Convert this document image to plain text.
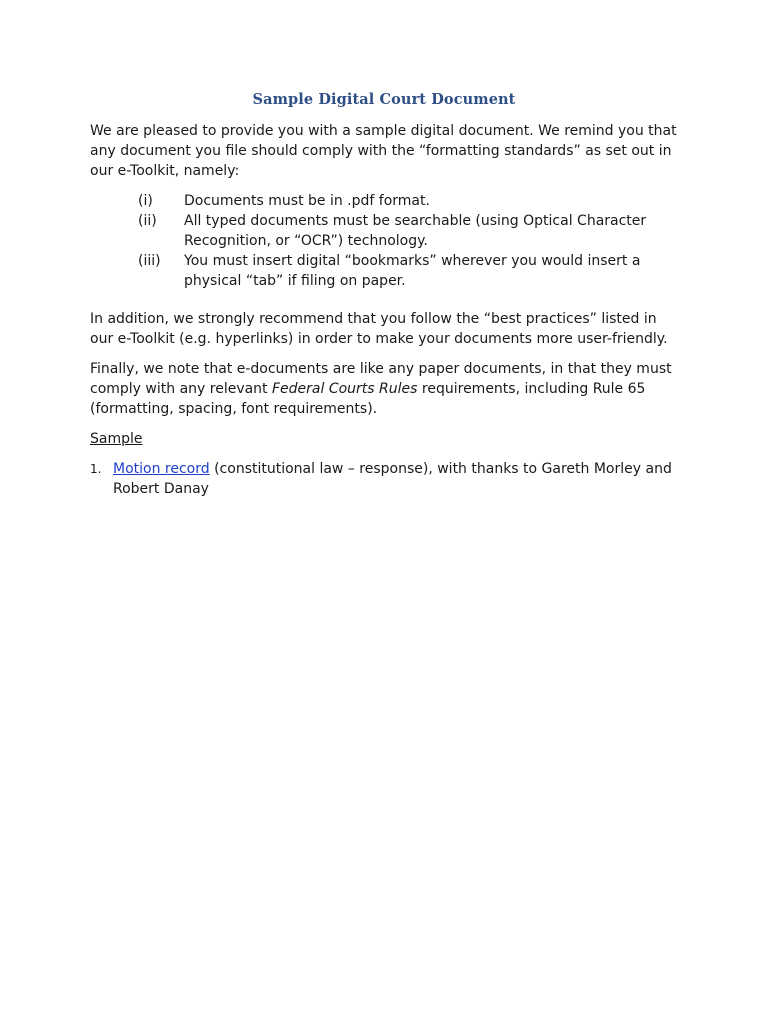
Sample Digital Court Document
We are pleased to provide you with a sample digital document. We remind you that any document you file should comply with the “formatting standards” as set out in our e-Toolkit, namely:
(i)	Documents must be in .pdf format.
(ii)	All typed documents must be searchable (using Optical Character Recognition, or “OCR”) technology.
(iii)	You must insert digital “bookmarks” wherever you would insert a physical “tab” if filing on paper.
In addition, we strongly recommend that you follow the “best practices” listed in our e-Toolkit (e.g. hyperlinks) in order to make your documents more user-friendly.
Finally, we note that e-documents are like any paper documents, in that they must comply with any relevant Federal Courts Rules requirements, including Rule 65 (formatting, spacing, font requirements).
Sample
1. Motion record (constitutional law – response), with thanks to Gareth Morley and Robert Danay
